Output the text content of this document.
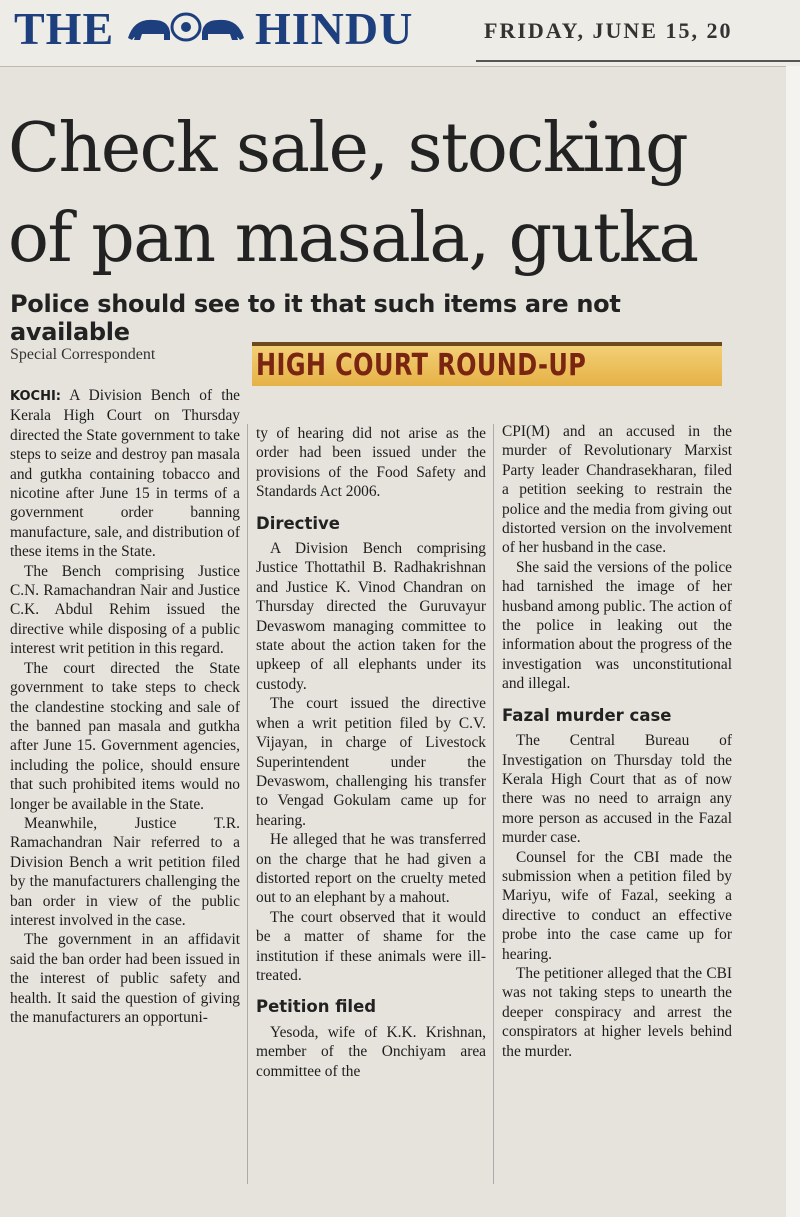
THE	HINDU	FRIDAY, JUNE 15, 20
Check sale, stocking
of pan masala, gutka
Police should see to it that such items are not available
Special Correspondent	HIGH COURT ROUND-UP

KOCHI: A Division Bench of the Kerala High Court on Thursday directed the State government to take steps to seize and destroy pan masala and gutkha containing tobacco and nicotine after June 15 in terms of a government order banning manufacture, sale, and distribution of these items in the State.

The Bench comprising Justice C.N. Ramachandran Nair and Justice C.K. Abdul Rehim issued the directive while disposing of a public interest writ petition in this regard.

The court directed the State government to take steps to check the clandestine stocking and sale of the banned pan masala and gutkha after June 15. Government agencies, including the police, should ensure that such prohibited items would no longer be available in the State.

Meanwhile, Justice T.R. Ramachandran Nair referred to a Division Bench a writ petition filed by the manufacturers challenging the ban order in view of the public interest involved in the case.

The government in an affidavit said the ban order had been issued in the interest of public safety and health. It said the question of giving the manufacturers an opportuni-

ty of hearing did not arise as the order had been issued under the provisions of the Food Safety and Standards Act 2006.

Directive

A Division Bench comprising Justice Thottathil B. Radhakrishnan and Justice K. Vinod Chandran on Thursday directed the Guruvayur Devaswom managing committee to state about the action taken for the upkeep of all elephants under its custody.

The court issued the directive when a writ petition filed by C.V. Vijayan, in charge of Livestock Superintendent under the Devaswom, challenging his transfer to Vengad Gokulam came up for hearing.

He alleged that he was transferred on the charge that he had given a distorted report on the cruelty meted out to an elephant by a mahout.

The court observed that it would be a matter of shame for the institution if these animals were ill-treated.

Petition filed

Yesoda, wife of K.K. Krishnan, member of the Onchiyam area committee of the

CPI(M) and an accused in the murder of Revolutionary Marxist Party leader Chandrasekharan, filed a petition seeking to restrain the police and the media from giving out distorted version on the involvement of her husband in the case.

She said the versions of the police had tarnished the image of her husband among public. The action of the police in leaking out the information about the progress of the investigation was unconstitutional and illegal.

Fazal murder case

The Central Bureau of Investigation on Thursday told the Kerala High Court that as of now there was no need to arraign any more person as accused in the Fazal murder case.

Counsel for the CBI made the submission when a petition filed by Mariyu, wife of Fazal, seeking a directive to conduct an effective probe into the case came up for hearing.

The petitioner alleged that the CBI was not taking steps to unearth the deeper conspiracy and arrest the conspirators at higher levels behind the murder.
